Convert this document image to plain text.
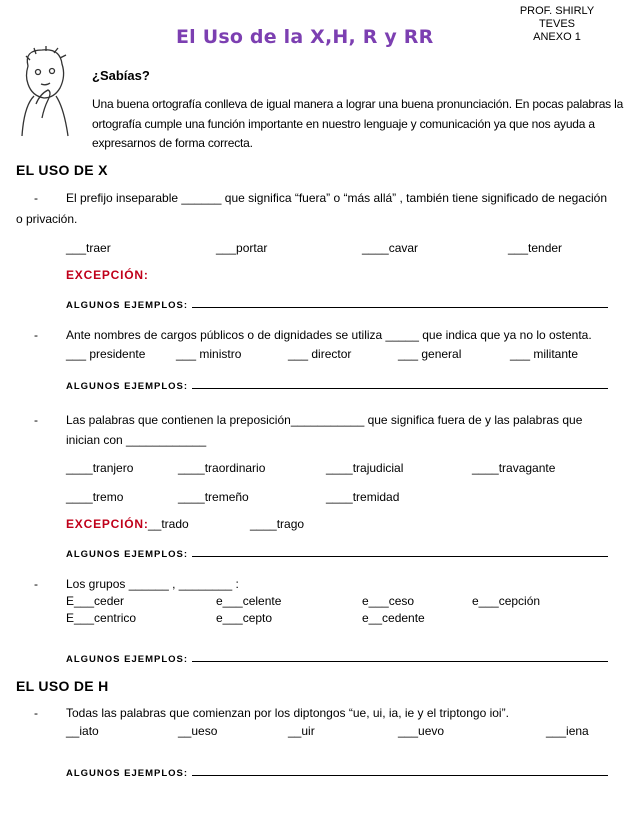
El Uso de la X,H, R y RR
PROF. SHIRLY TEVES
ANEXO 1
¿Sabías?
Una buena ortografía conlleva de igual manera a lograr una buena pronunciación. En pocas palabras la ortografía cumple una función importante en nuestro lenguaje y comunicación ya que nos ayuda a expresarnos de forma correcta.
EL USO DE X
- El prefijo inseparable ______ que significa “fuera” o “más allá” , también tiene significado de negación
o privación.
___traer	___portar	____cavar	___tender
EXCEPCIÓN:
ALGUNOS EJEMPLOS:
- Ante nombres de cargos públicos o de dignidades se utiliza _____ que indica que ya no lo ostenta.
___ presidente	___ ministro	___ director	___ general	___ militante
ALGUNOS EJEMPLOS:
- Las palabras que contienen la preposición___________ que significa fuera de y las palabras que
inician con ____________
____tranjero	____traordinario	____trajudicial	____travagante
____tremo	____tremeño	____tremidad
EXCEPCIÓN: __trado	____trago
ALGUNOS EJEMPLOS:
- Los grupos ______ , ________ :
E___ceder	e___celente	e___ceso	e___cepción
E___centrico	e___cepto	e__cedente
ALGUNOS EJEMPLOS:
EL USO DE H
- Todas las palabras que comienzan por los diptongos “ue, ui, ia, ie y el triptongo ioi”.
__iato	__ueso	__uir	___uevo	___iena
ALGUNOS EJEMPLOS:
